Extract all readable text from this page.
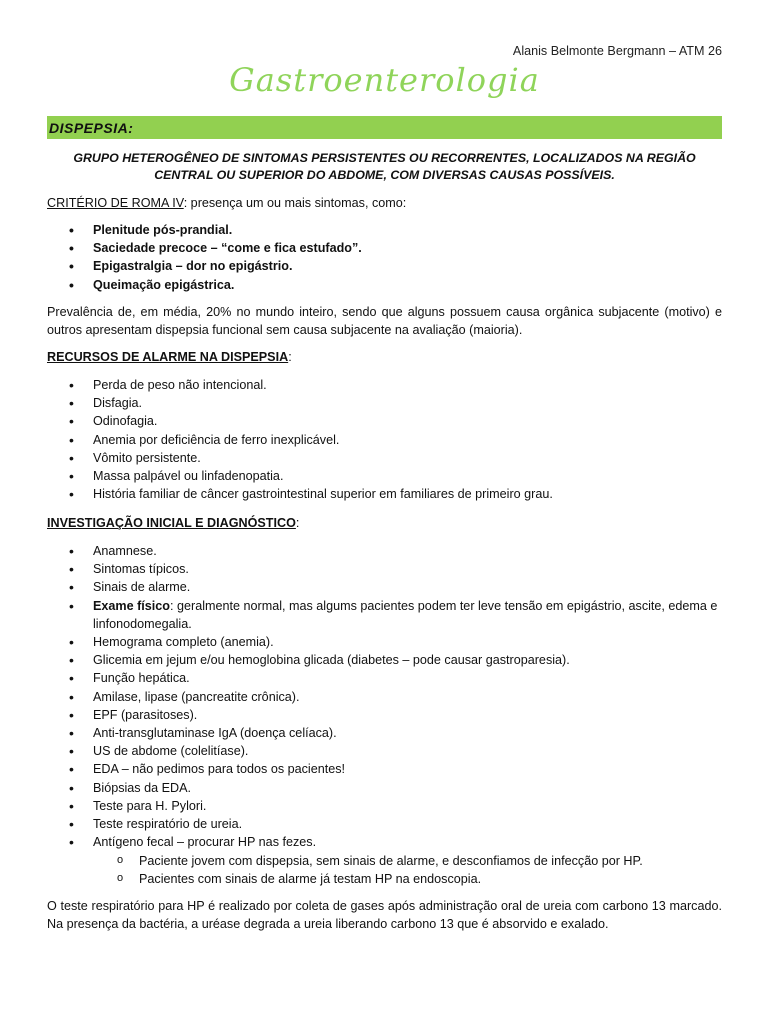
Alanis Belmonte Bergmann – ATM 26
Gastroenterologia
DISPEPSIA:
GRUPO HETEROGÊNEO DE SINTOMAS PERSISTENTES OU RECORRENTES, LOCALIZADOS NA REGIÃO CENTRAL OU SUPERIOR DO ABDOME, COM DIVERSAS CAUSAS POSSÍVEIS.
CRITÉRIO DE ROMA IV: presença um ou mais sintomas, como:
• Plenitude pós-prandial.
• Saciedade precoce – “come e fica estufado”.
• Epigastralgia – dor no epigástrio.
• Queimação epigástrica.
Prevalência de, em média, 20% no mundo inteiro, sendo que alguns possuem causa orgânica subjacente (motivo) e outros apresentam dispepsia funcional sem causa subjacente na avaliação (maioria).
RECURSOS DE ALARME NA DISPEPSIA:
• Perda de peso não intencional.
• Disfagia.
• Odinofagia.
• Anemia por deficiência de ferro inexplicável.
• Vômito persistente.
• Massa palpável ou linfadenopatia.
• História familiar de câncer gastrointestinal superior em familiares de primeiro grau.
INVESTIGAÇÃO INICIAL E DIAGNÓSTICO:
• Anamnese.
• Sintomas típicos.
• Sinais de alarme.
• Exame físico: geralmente normal, mas algums pacientes podem ter leve tensão em epigástrio, ascite, edema e linfonodomegalia.
• Hemograma completo (anemia).
• Glicemia em jejum e/ou hemoglobina glicada (diabetes – pode causar gastroparesia).
• Função hepática.
• Amilase, lipase (pancreatite crônica).
• EPF (parasitoses).
• Anti-transglutaminase IgA (doença celíaca).
• US de abdome (colelitíase).
• EDA – não pedimos para todos os pacientes!
• Biópsias da EDA.
• Teste para H. Pylori.
• Teste respiratório de ureia.
• Antígeno fecal – procurar HP nas fezes.
o Paciente jovem com dispepsia, sem sinais de alarme, e desconfiamos de infecção por HP.
o Pacientes com sinais de alarme já testam HP na endoscopia.
O teste respiratório para HP é realizado por coleta de gases após administração oral de ureia com carbono 13 marcado. Na presença da bactéria, a uréase degrada a ureia liberando carbono 13 que é absorvido e exalado.
